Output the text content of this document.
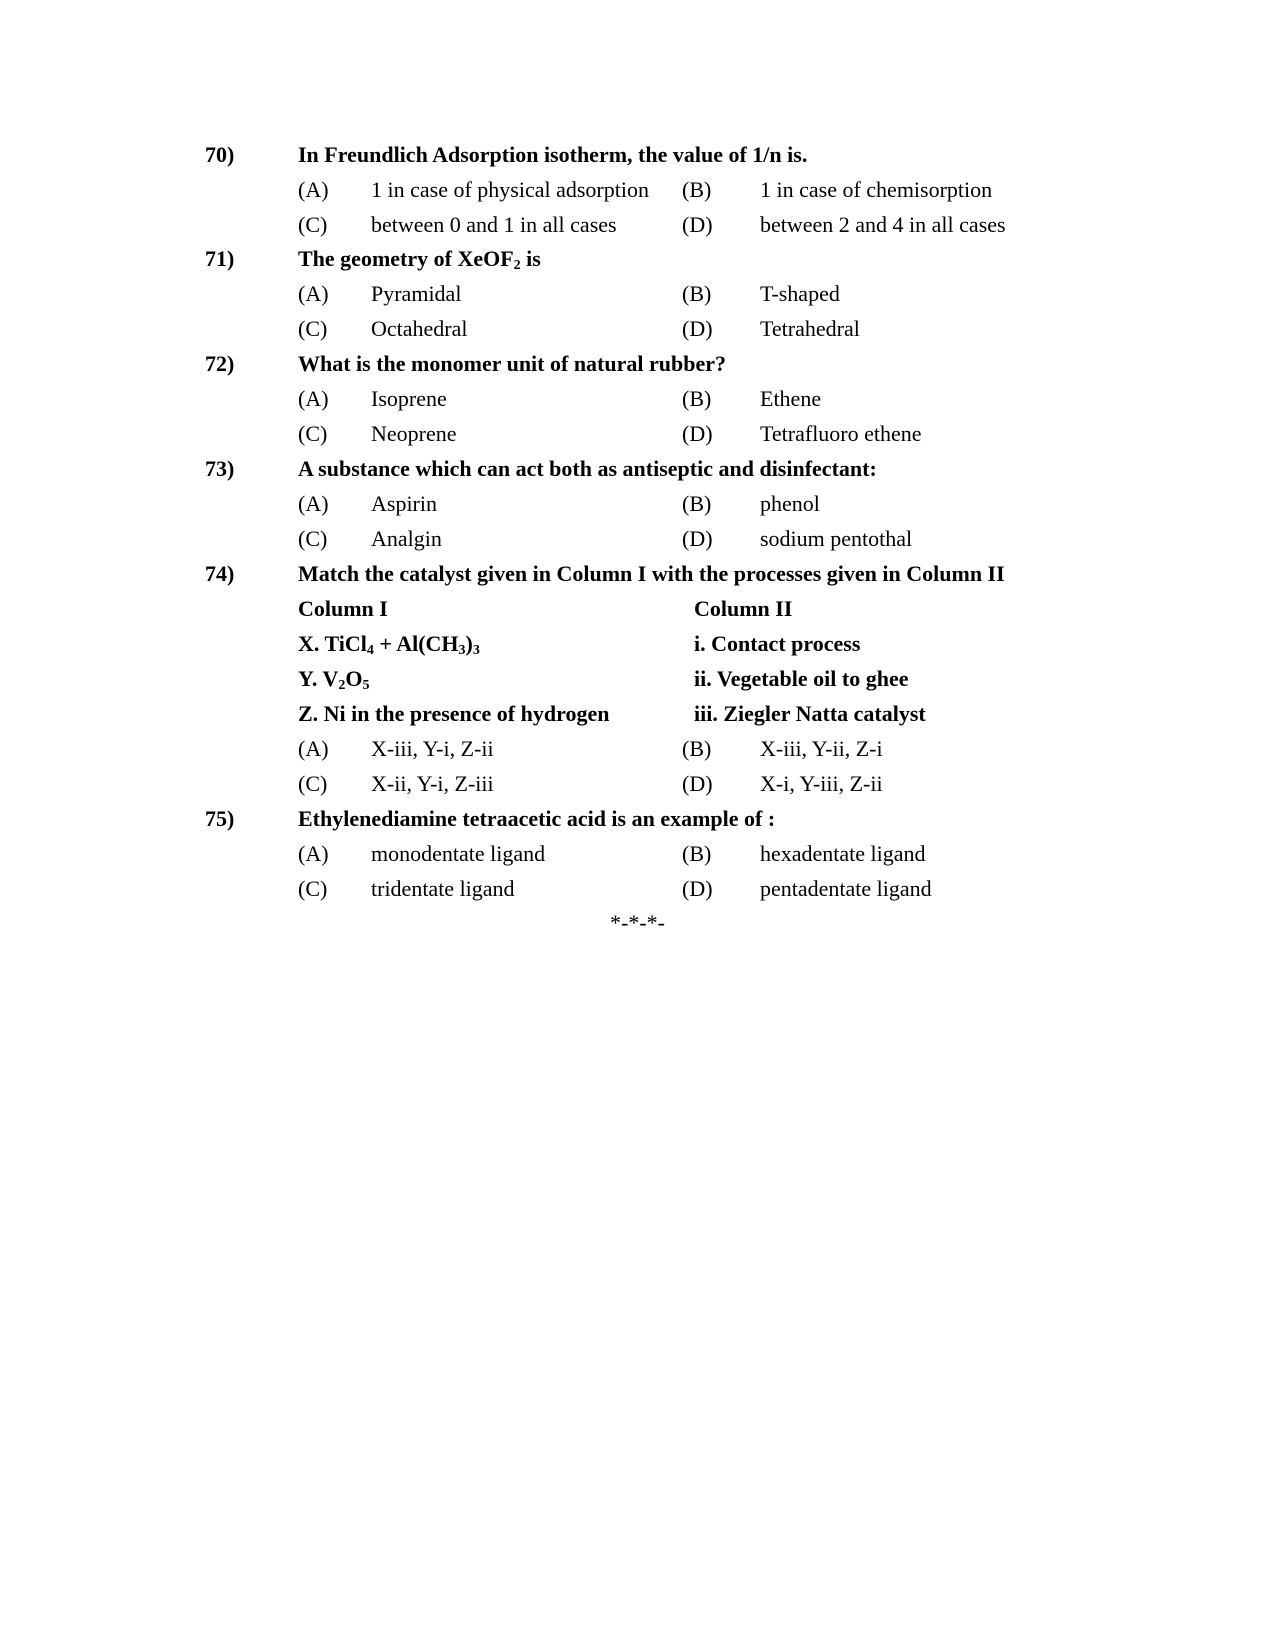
70)	In Freundlich Adsorption isotherm, the value of 1/n is.
(A) 1 in case of physical adsorption (B) 1 in case of chemisorption
(C) between 0 and 1 in all cases	(D) between 2 and 4 in all cases
71)	The geometry of XeOF$_2$ is
(A) Pyramidal	(B) T-shaped
(C) Octahedral	(D) Tetrahedral
72)	What is the monomer unit of natural rubber?
(A) Isoprene	(B) Ethene
(C) Neoprene	(D) Tetrafluoro ethene
73)	A substance which can act both as antiseptic and disinfectant:
(A) Aspirin	(B) phenol
(C) Analgin	(D) sodium pentothal
74)	Match the catalyst given in Column I with the processes given in Column II
Column I	Column II
X. TiCl$_4$ + $Al(CH_3)_3$	i. Contact process
Y. $V_2O_5$	ii. Vegetable oil to ghee
Z. Ni in the presence of hydrogen	iii. Ziegler Natta catalyst
(A) X-iii, Y-i, Z-ii	(B) X-iii, Y-ii, Z-i
(C) X-ii, Y-i, Z-iii	(D) X-i, Y-iii, Z-ii
75)	Ethylenediamine tetraacetic acid is an example of :
(A) monodentate ligand	(B) hexadentate ligand
(C) tridentate ligand	(D) pentadentate ligand
*-*-*-
